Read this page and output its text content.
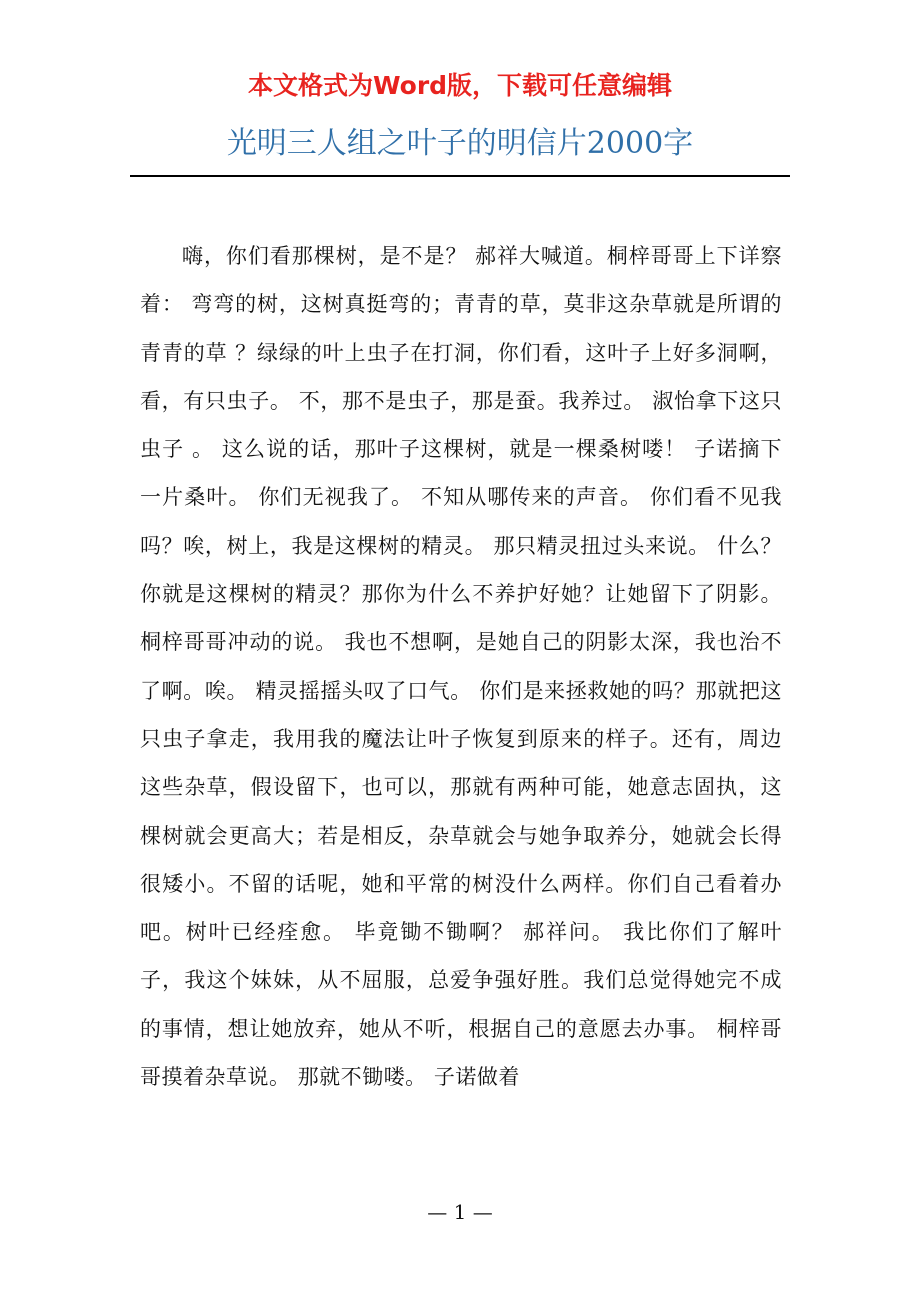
本文格式为Word版，下载可任意编辑
光明三人组之叶子的明信片2000字

嗨，你们看那棵树，是不是？ 郝祥大喊道。桐梓哥哥上下详察着： 弯弯的树，这树真挺弯的；青青的草，莫非这杂草就是所谓的 青青的草 ？绿绿的叶上虫子在打洞，你们看，这叶子上好多洞啊，看，有只虫子。 不，那不是虫子，那是蚕。我养过。 淑怡拿下这只 虫子 。 这么说的话，那叶子这棵树，就是一棵桑树喽！ 子诺摘下一片桑叶。 你们无视我了。 不知从哪传来的声音。 你们看不见我吗？唉，树上，我是这棵树的精灵。 那只精灵扭过头来说。 什么？你就是这棵树的精灵？那你为什么不养护好她？让她留下了阴影。 桐梓哥哥冲动的说。 我也不想啊，是她自己的阴影太深，我也治不了啊。唉。 精灵摇摇头叹了口气。 你们是来拯救她的吗？那就把这只虫子拿走，我用我的魔法让叶子恢复到原来的样子。还有，周边这些杂草，假设留下，也可以，那就有两种可能，她意志固执，这棵树就会更高大；若是相反，杂草就会与她争取养分，她就会长得很矮小。不留的话呢，她和平常的树没什么两样。你们自己看着办吧。树叶已经痊愈。 毕竟锄不锄啊？ 郝祥问。 我比你们了解叶子，我这个妹妹，从不屈服，总爱争强好胜。我们总觉得她完不成的事情，想让她放弃，她从不听，根据自己的意愿去办事。 桐梓哥哥摸着杂草说。 那就不锄喽。 子诺做着

— 1 —
